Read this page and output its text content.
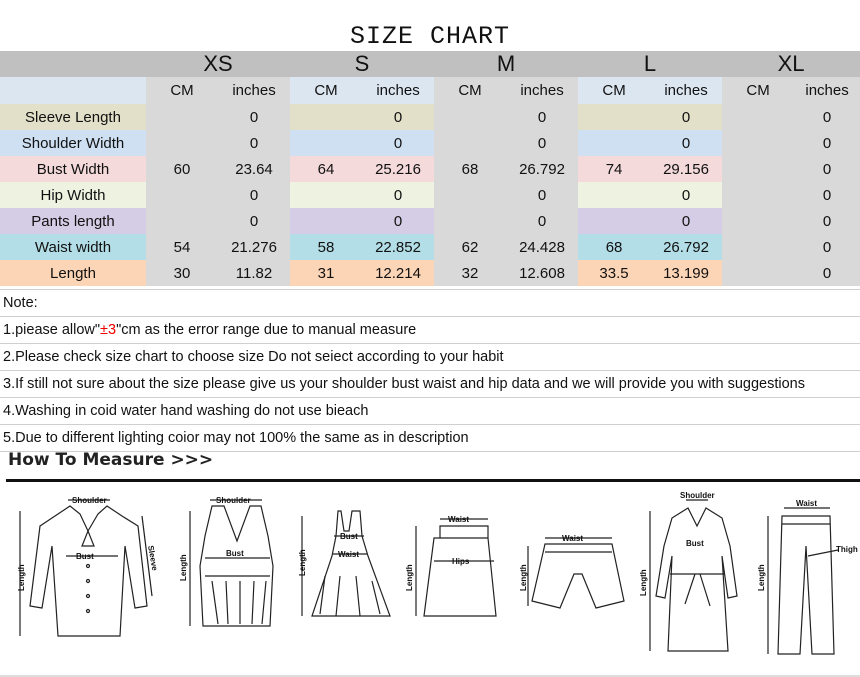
SIZE CHART
	XS		S		M		L		XL	
	CM	inches	CM	inches	CM	inches	CM	inches	CM	inches
Sleeve Length		0		0		0		0		0
Shoulder Width		0		0		0		0		0
Bust Width	60	23.64	64	25.216	68	26.792	74	29.156		0
Hip Width		0		0		0		0		0
Pants length		0		0		0		0		0
Waist width	54	21.276	58	22.852	62	24.428	68	26.792		0
Length	30	11.82	31	12.214	32	12.608	33.5	13.199		0
Note:
1.pieasе allow"±3"cm as the error range due to manual measure
2.Please check size chart to choose size Do not seiect according to your habit
3.If still not sure about the size please give us your shoulder bust waist and hip data and we will provide you with suggestions
4.Washing in coid water hand washing do not use bieach
5.Due to different lighting coior may not 100% the same as in description
How To Measure >>>
Shoulder
Bust
Length
Sleeve
Shoulder
Bust
Length
Bust
Waist
Length
Waist
Hips
Length
Waist
Length
Shoulder
Bust
Length
Waist
Thigh
Length
